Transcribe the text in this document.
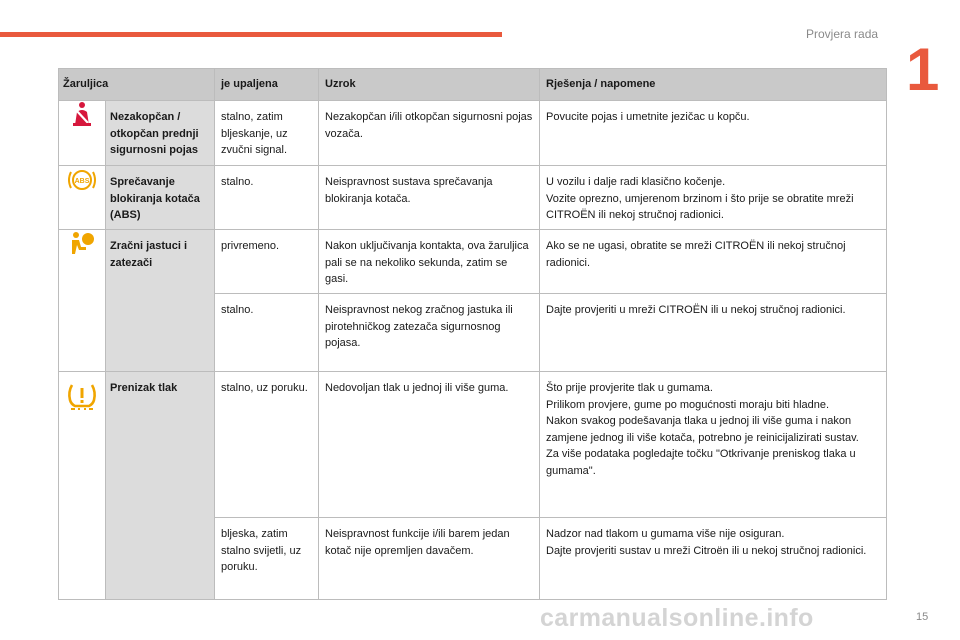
Provjera rada
1
Žaruljica		je upaljena	Uzrok	Rješenja / napomene

	Nezakopčan / otkopčan prednji sigurnosni pojas	stalno, zatim bljeskanje, uz zvučni signal.	Nezakopčan i/ili otkopčan sigurnosni pojas vozača.	Povucite pojas i umetnite jezičac u kopču.

ABS	Sprečavanje blokiranja kotača (ABS)	stalno.	Neispravnost sustava sprečavanja blokiranja kotača.	U vozilu i dalje radi klasično kočenje.
Vozite oprezno, umjerenom brzinom i što prije se obratite mreži CITROËN ili nekoj stručnoj radionici.

	Zračni jastuci i zatezači	privremeno.	Nakon uključivanja kontakta, ova žaruljica pali se na nekoliko sekunda, zatim se gasi.	Ako se ne ugasi, obratite se mreži CITROËN ili nekoj stručnoj radionici.
		stalno.	Neispravnost nekog zračnog jastuka ili pirotehničkog zatezača sigurnosnog pojasa.	Dajte provjeriti u mreži CITROËN ili u nekoj stručnoj radionici.

	Prenizak tlak	stalno, uz poruku.	Nedovoljan tlak u jednoj ili više guma.	Što prije provjerite tlak u gumama.
Prilikom provjere, gume po mogućnosti moraju biti hladne.
Nakon svakog podešavanja tlaka u jednoj ili više guma i nakon zamjene jednog ili više kotača, potrebno je reinicijalizirati sustav.
Za više podataka pogledajte točku "Otkrivanje preniskog tlaka u gumama".
		bljeska, zatim stalno svijetli, uz poruku.	Neispravnost funkcije i/ili barem jedan kotač nije opremljen davačem.	Nadzor nad tlakom u gumama više nije osiguran.
Dajte provjeriti sustav u mreži Citroën ili u nekoj stručnoj radionici.
carmanualsonline.info	15
